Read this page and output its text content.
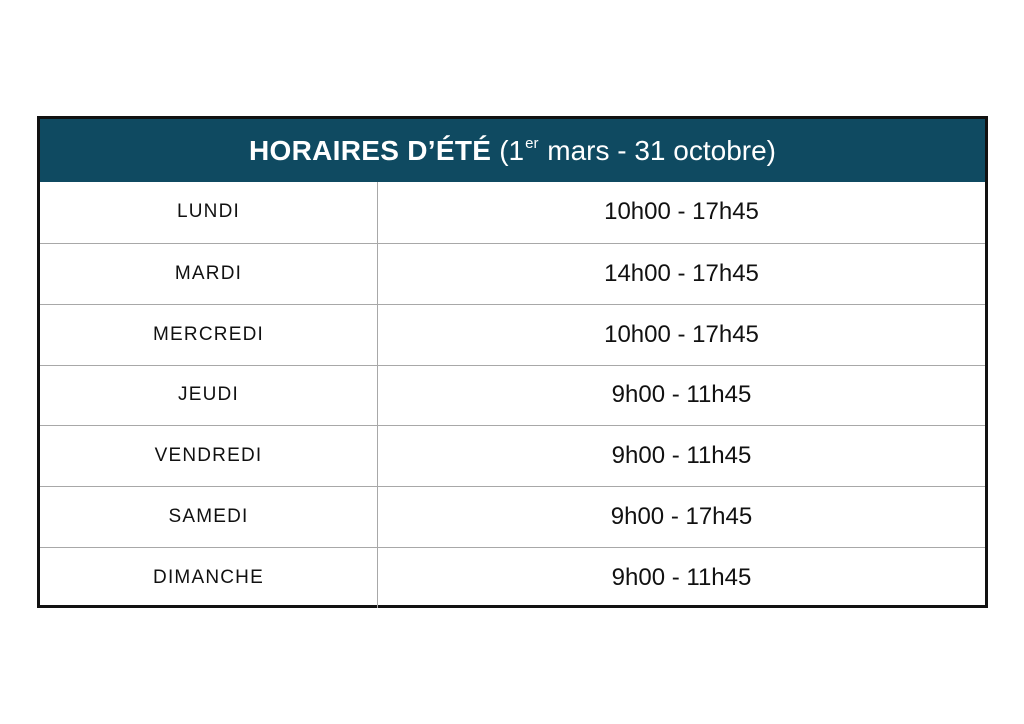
HORAIRES D’ÉTÉ (1er mars - 31 octobre)
LUNDI	10h00 - 17h45
MARDI	14h00 - 17h45
MERCREDI	10h00 - 17h45
JEUDI	9h00 - 11h45
VENDREDI	9h00 - 11h45
SAMEDI	9h00 - 17h45
DIMANCHE	9h00 - 11h45
